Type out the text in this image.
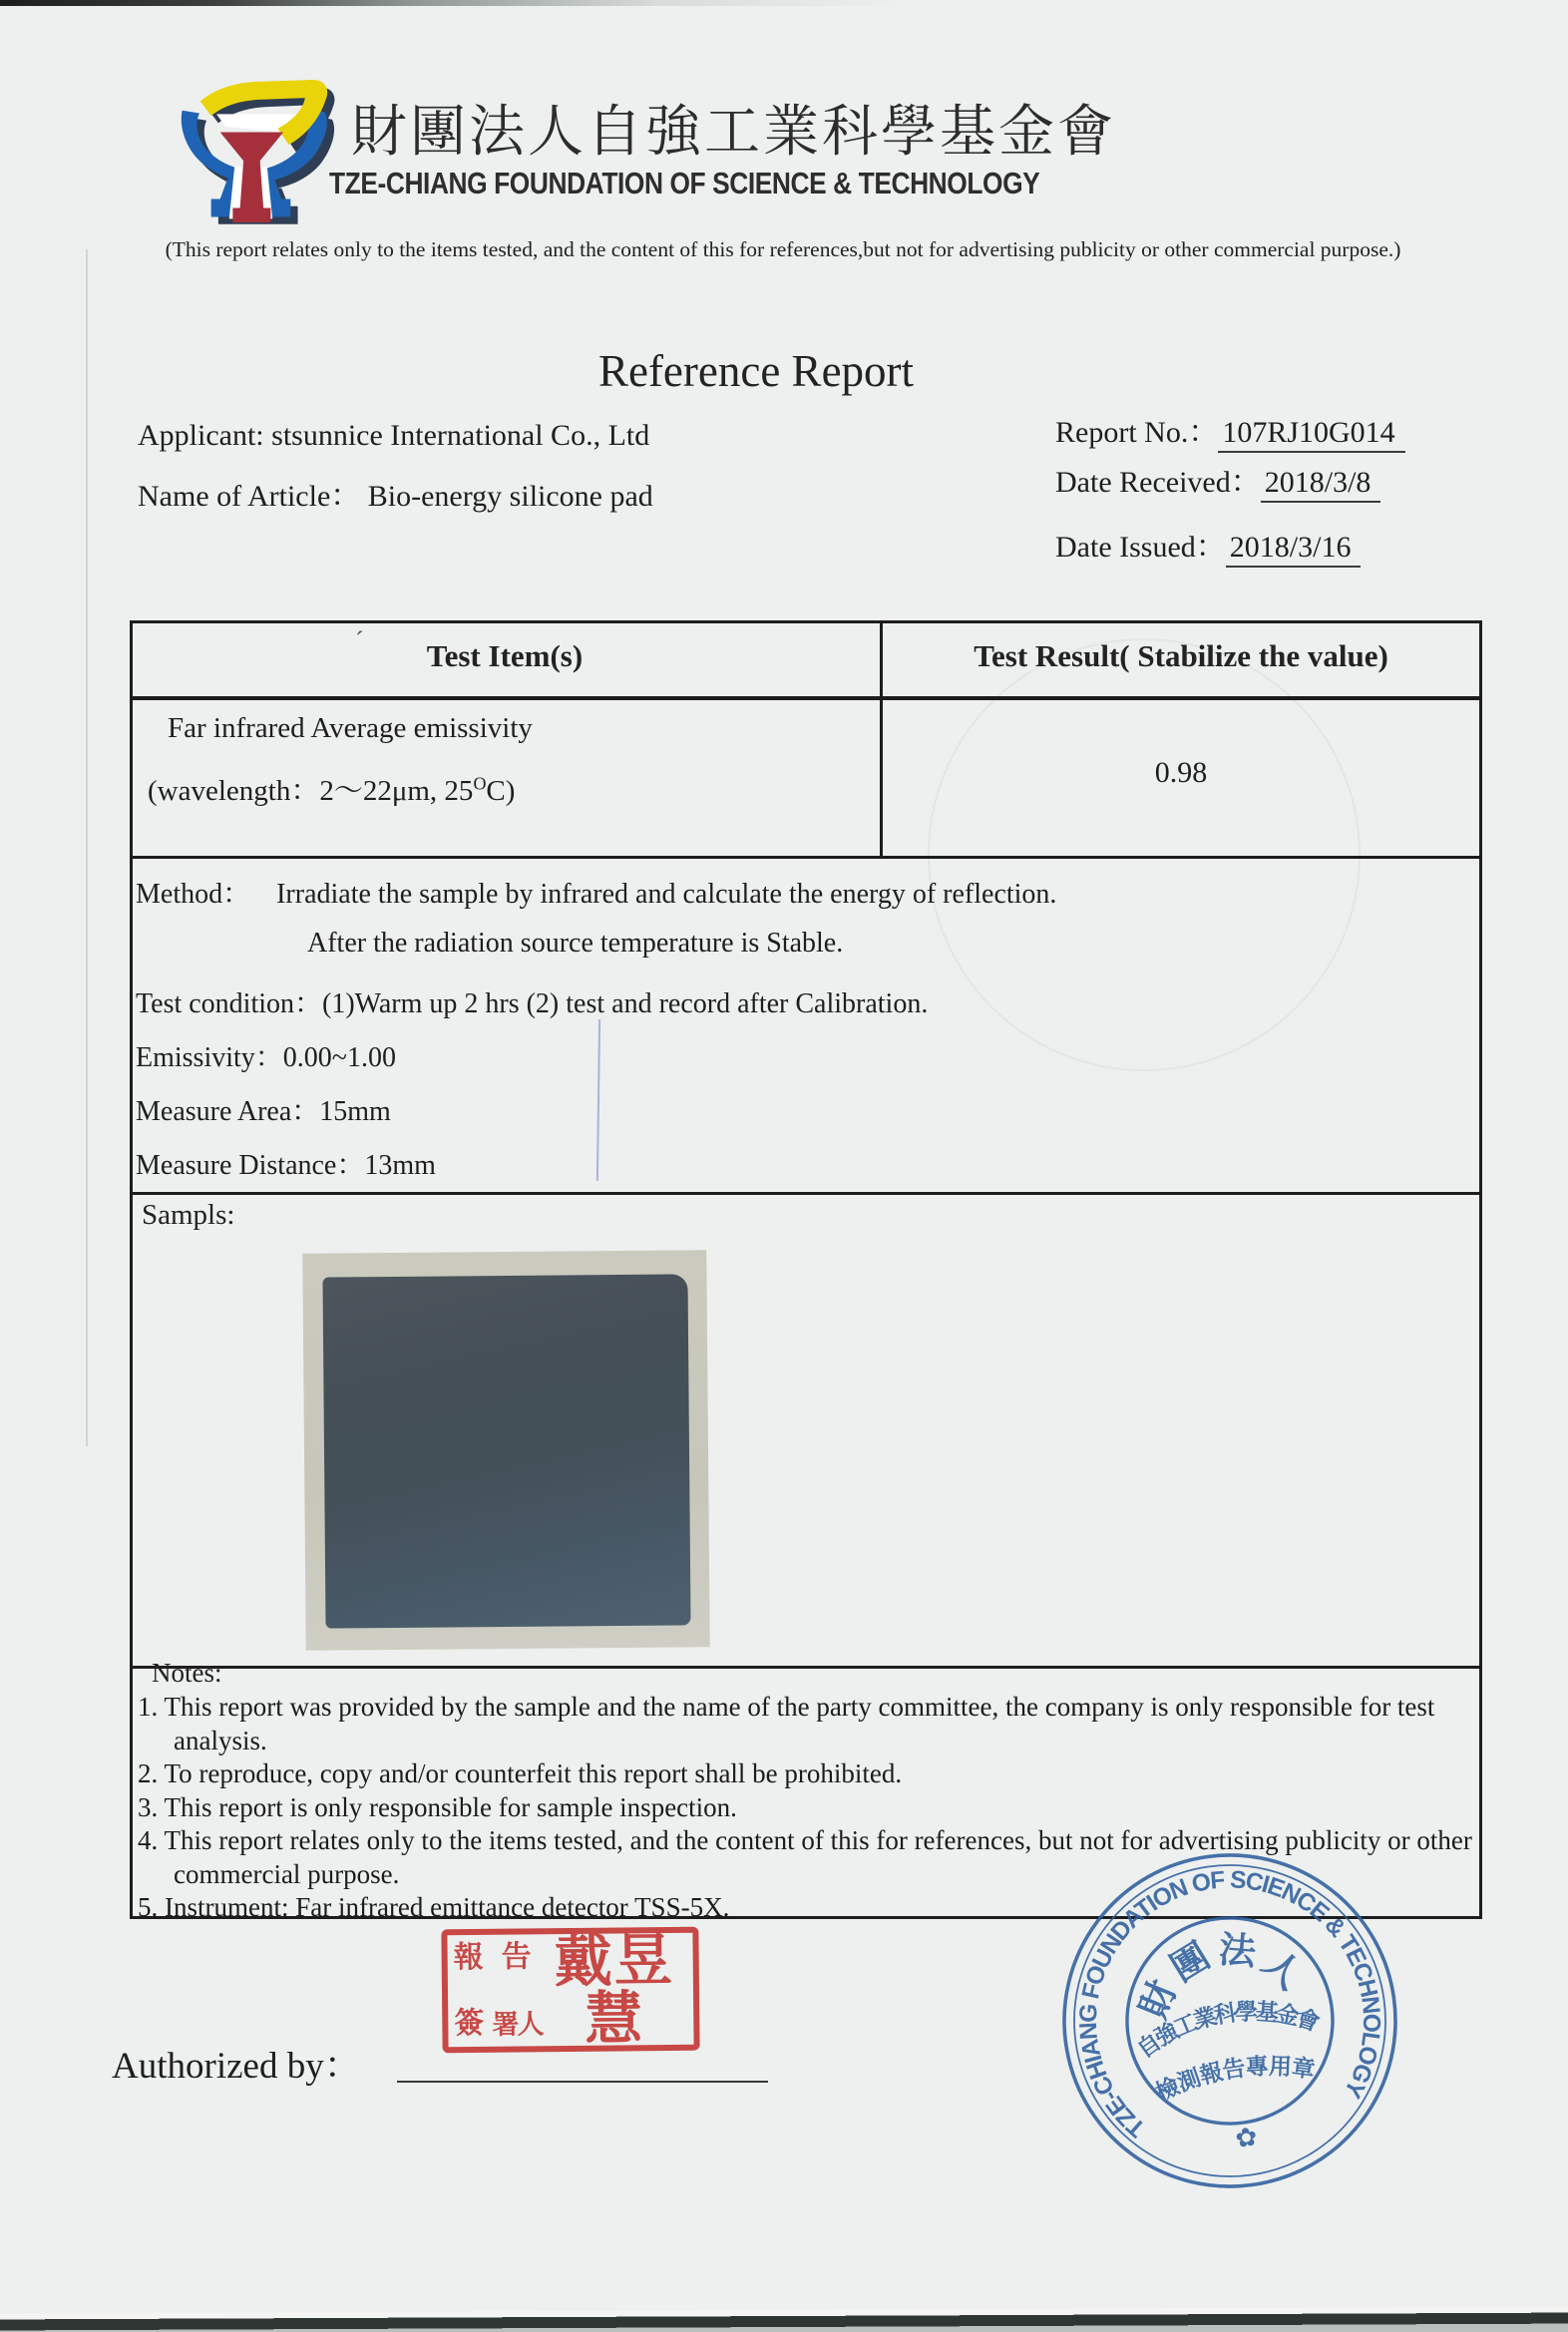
財團法人自強工業科學基金會
TZE-CHIANG FOUNDATION OF SCIENCE & TECHNOLOGY
(This report relates only to the items tested, and the content of this for references,but not for advertising publicity or other commercial purpose.)
Reference Report
Applicant: stsunnice International Co., Ltd
Name of Article： Bio-energy silicone pad
Report No.： 107RJ10G014
Date Received： 2018/3/8
Date Issued： 2018/3/16
´	Test Item(s)	Test Result( Stabilize the value)
Far infrared Average emissivity
(wavelength：2～22μm, $25^OC$)
0.98
Method： Irradiate the sample by infrared and calculate the energy of reflection.
After the radiation source temperature is Stable.
Test condition：(1)Warm up 2 hrs (2) test and record after Calibration.
Emissivity：0.00~1.00
Measure Area：15mm
Measure Distance：13mm
Sampls:
Notes:
1. This report was provided by the sample and the name of the party committee, the company is only responsible for test analysis.
2. To reproduce, copy and/or counterfeit this report shall be prohibited.
3. This report is only responsible for sample inspection.
4. This report relates only to the items tested, and the content of this for references, but not for advertising publicity or other commercial purpose.
5. Instrument: Far infrared emittance detector TSS-5X.
Authorized by：
報
簽
告
署人
戴昱慧
TZE-CHIANG FOUNDATION OF SCIENCE & TECHNOLOGY
財團法人
自強工業科學基金會
檢測報告專用章
✿
